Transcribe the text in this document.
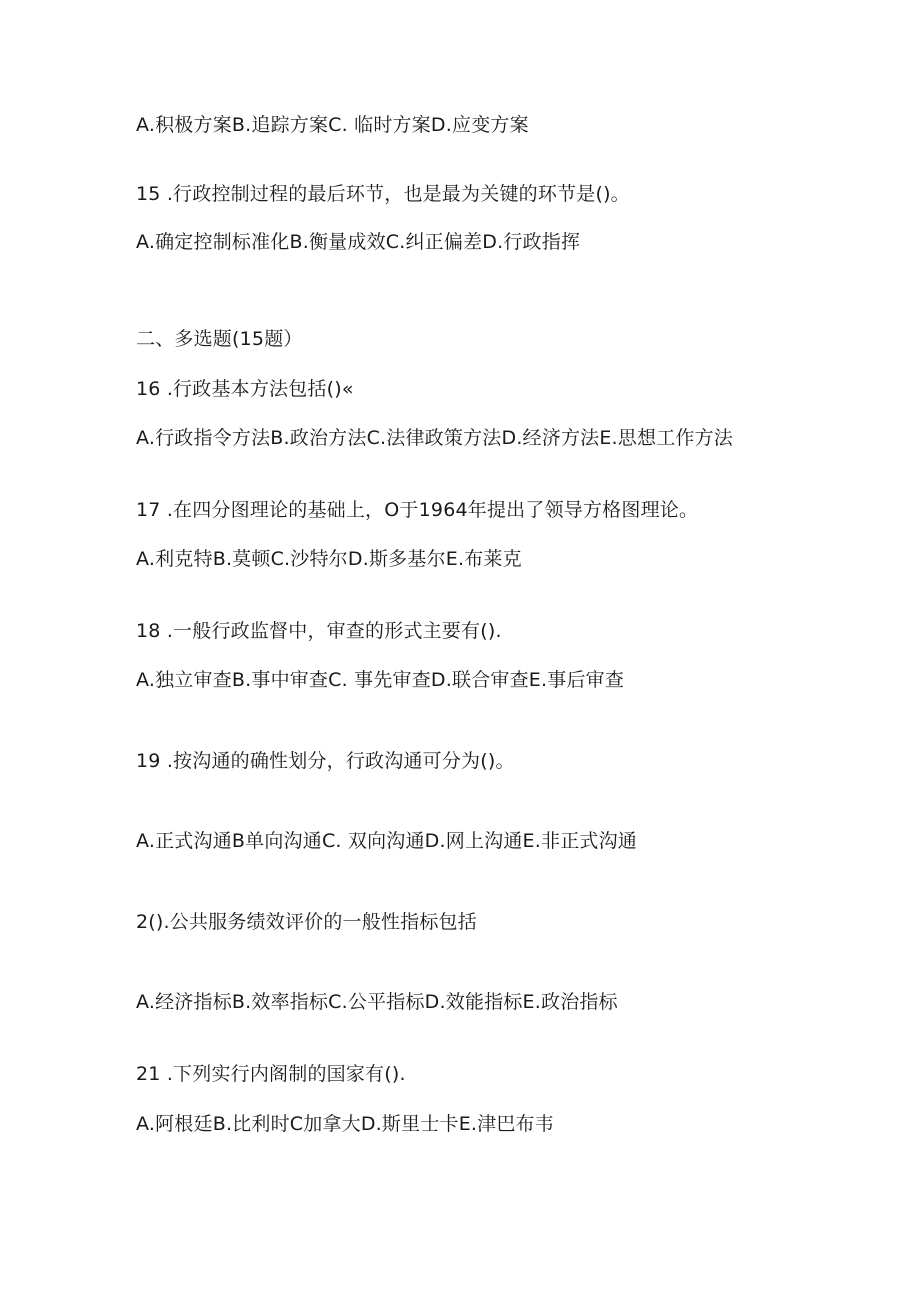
A.积极方案B.追踪方案C. 临时方案D.应变方案
15 .行政控制过程的最后环节，也是最为关键的环节是()。
A.确定控制标准化B.衡量成效C.纠正偏差D.行政指挥
二、多选题(15题）
16 .行政基本方法包括()«
A.行政指令方法B.政治方法C.法律政策方法D.经济方法E.思想工作方法
17 .在四分图理论的基础上，O于1964年提出了领导方格图理论。
A.利克特B.莫顿C.沙特尔D.斯多基尔E.布莱克
18 .一般行政监督中，审查的形式主要有().
A.独立审查B.事中审查C. 事先审查D.联合审查E.事后审查
19 .按沟通的确性划分，行政沟通可分为()。
A.正式沟通B单向沟通C. 双向沟通D.网上沟通E.非正式沟通
2().公共服务绩效评价的一般性指标包括
A.经济指标B.效率指标C.公平指标D.效能指标E.政治指标
21 .下列实行内阁制的国家有().
A.阿根廷B.比利时C加拿大D.斯里士卡E.津巴布韦
